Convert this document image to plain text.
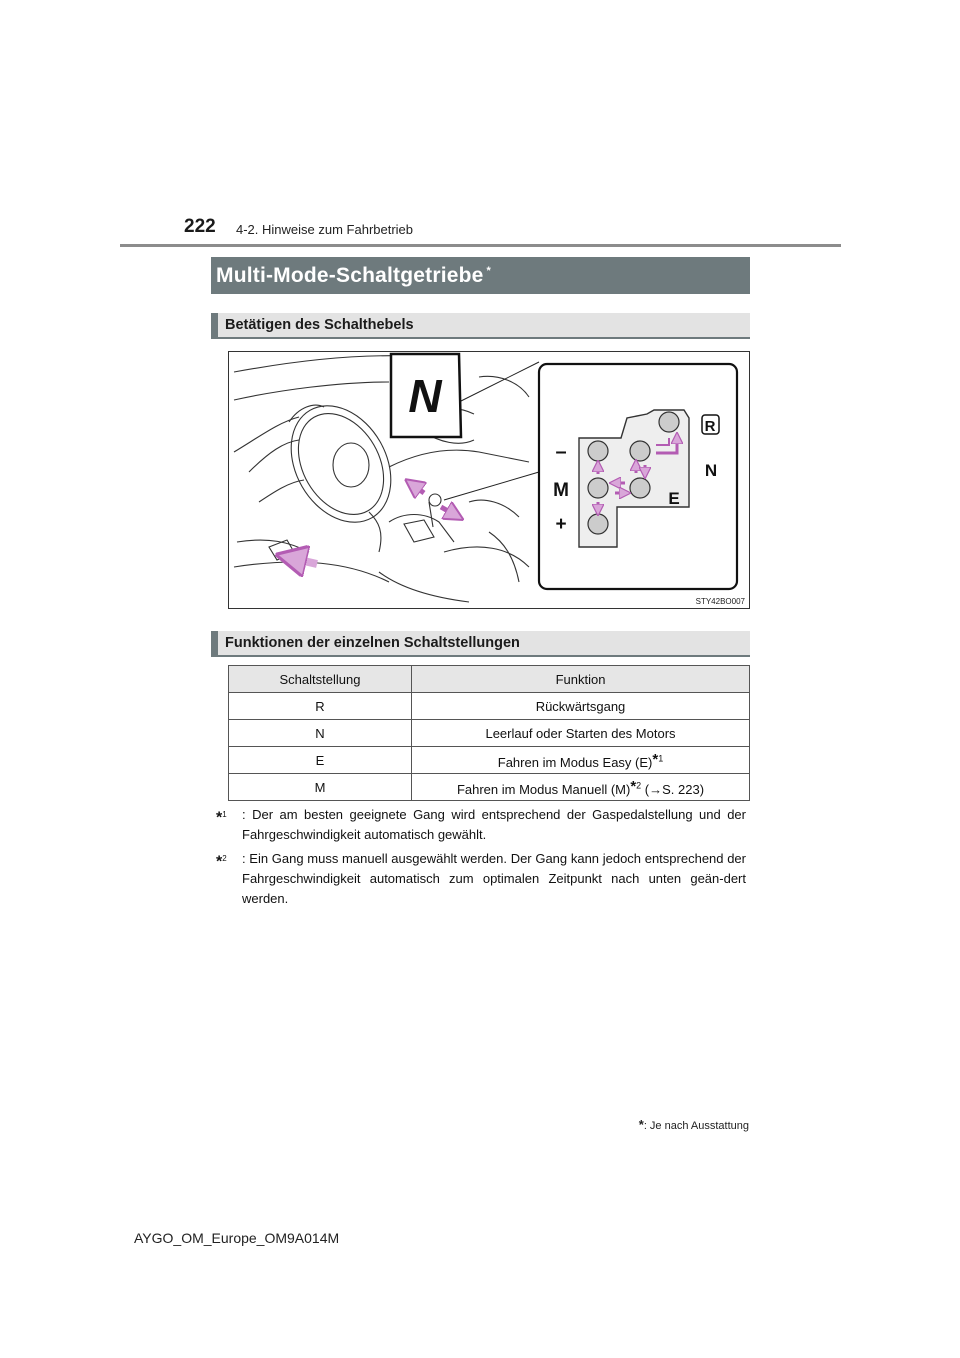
222 4-2. Hinweise zum Fahrbetrieb
Multi-Mode-Schaltgetriebe *
Betätigen des Schalthebels
N
–
M
+
E
N
R
STY42BO007
Funktionen der einzelnen Schaltstellungen
Schaltstellung	Funktion
R	Rückwärtsgang
N	Leerlauf oder Starten des Motors
E	Fahren im Modus Easy (E)*$^1$
M	Fahren im Modus Manuell (M)*$^2$ (→S. 223)
*$^1$ : Der am besten geeignete Gang wird entsprechend der Gaspedalstellung und der Fahrgeschwindigkeit automatisch gewählt.
*$^2$ : Ein Gang muss manuell ausgewählt werden. Der Gang kann jedoch entsprechend der Fahrgeschwindigkeit automatisch zum optimalen Zeitpunkt nach unten geän-dert werden.
*: Je nach Ausstattung
AYGO_OM_Europe_OM9A014M
